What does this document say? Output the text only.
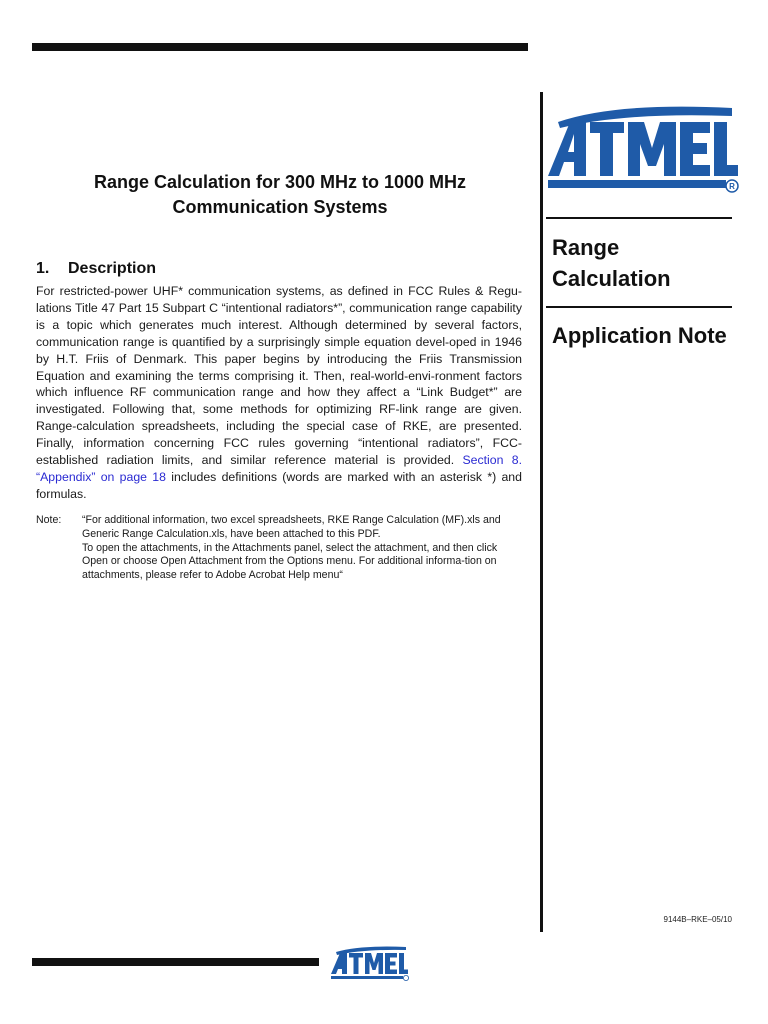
R
Range Calculation
Application Note
Range Calculation for 300 MHz to 1000 MHz Communication Systems
1. Description
For restricted-power UHF* communication systems, as defined in FCC Rules & Regu-lations Title 47 Part 15 Subpart C “intentional radiators*”, communication range capability is a topic which generates much interest. Although determined by several factors, communication range is quantified by a surprisingly simple equation devel-oped in 1946 by H.T. Friis of Denmark. This paper begins by introducing the Friis Transmission Equation and examining the terms comprising it. Then, real-world-envi-ronment factors which influence RF communication range and how they affect a “Link Budget*” are investigated. Following that, some methods for optimizing RF-link range are given. Range-calculation spreadsheets, including the special case of RKE, are presented. Finally, information concerning FCC rules governing “intentional radiators”, FCC-established radiation limits, and similar reference material is provided. Section 8. “Appendix” on page 18 includes definitions (words are marked with an asterisk *) and formulas.
Note:	“For additional information, two excel spreadsheets, RKE Range Calculation (MF).xls and Generic Range Calculation.xls, have been attached to this PDF.
To open the attachments, in the Attachments panel, select the attachment, and then click Open or choose Open Attachment from the Options menu. For additional informa-tion on attachments, please refer to Adobe Acrobat Help menu“
9144B–RKE–05/10
